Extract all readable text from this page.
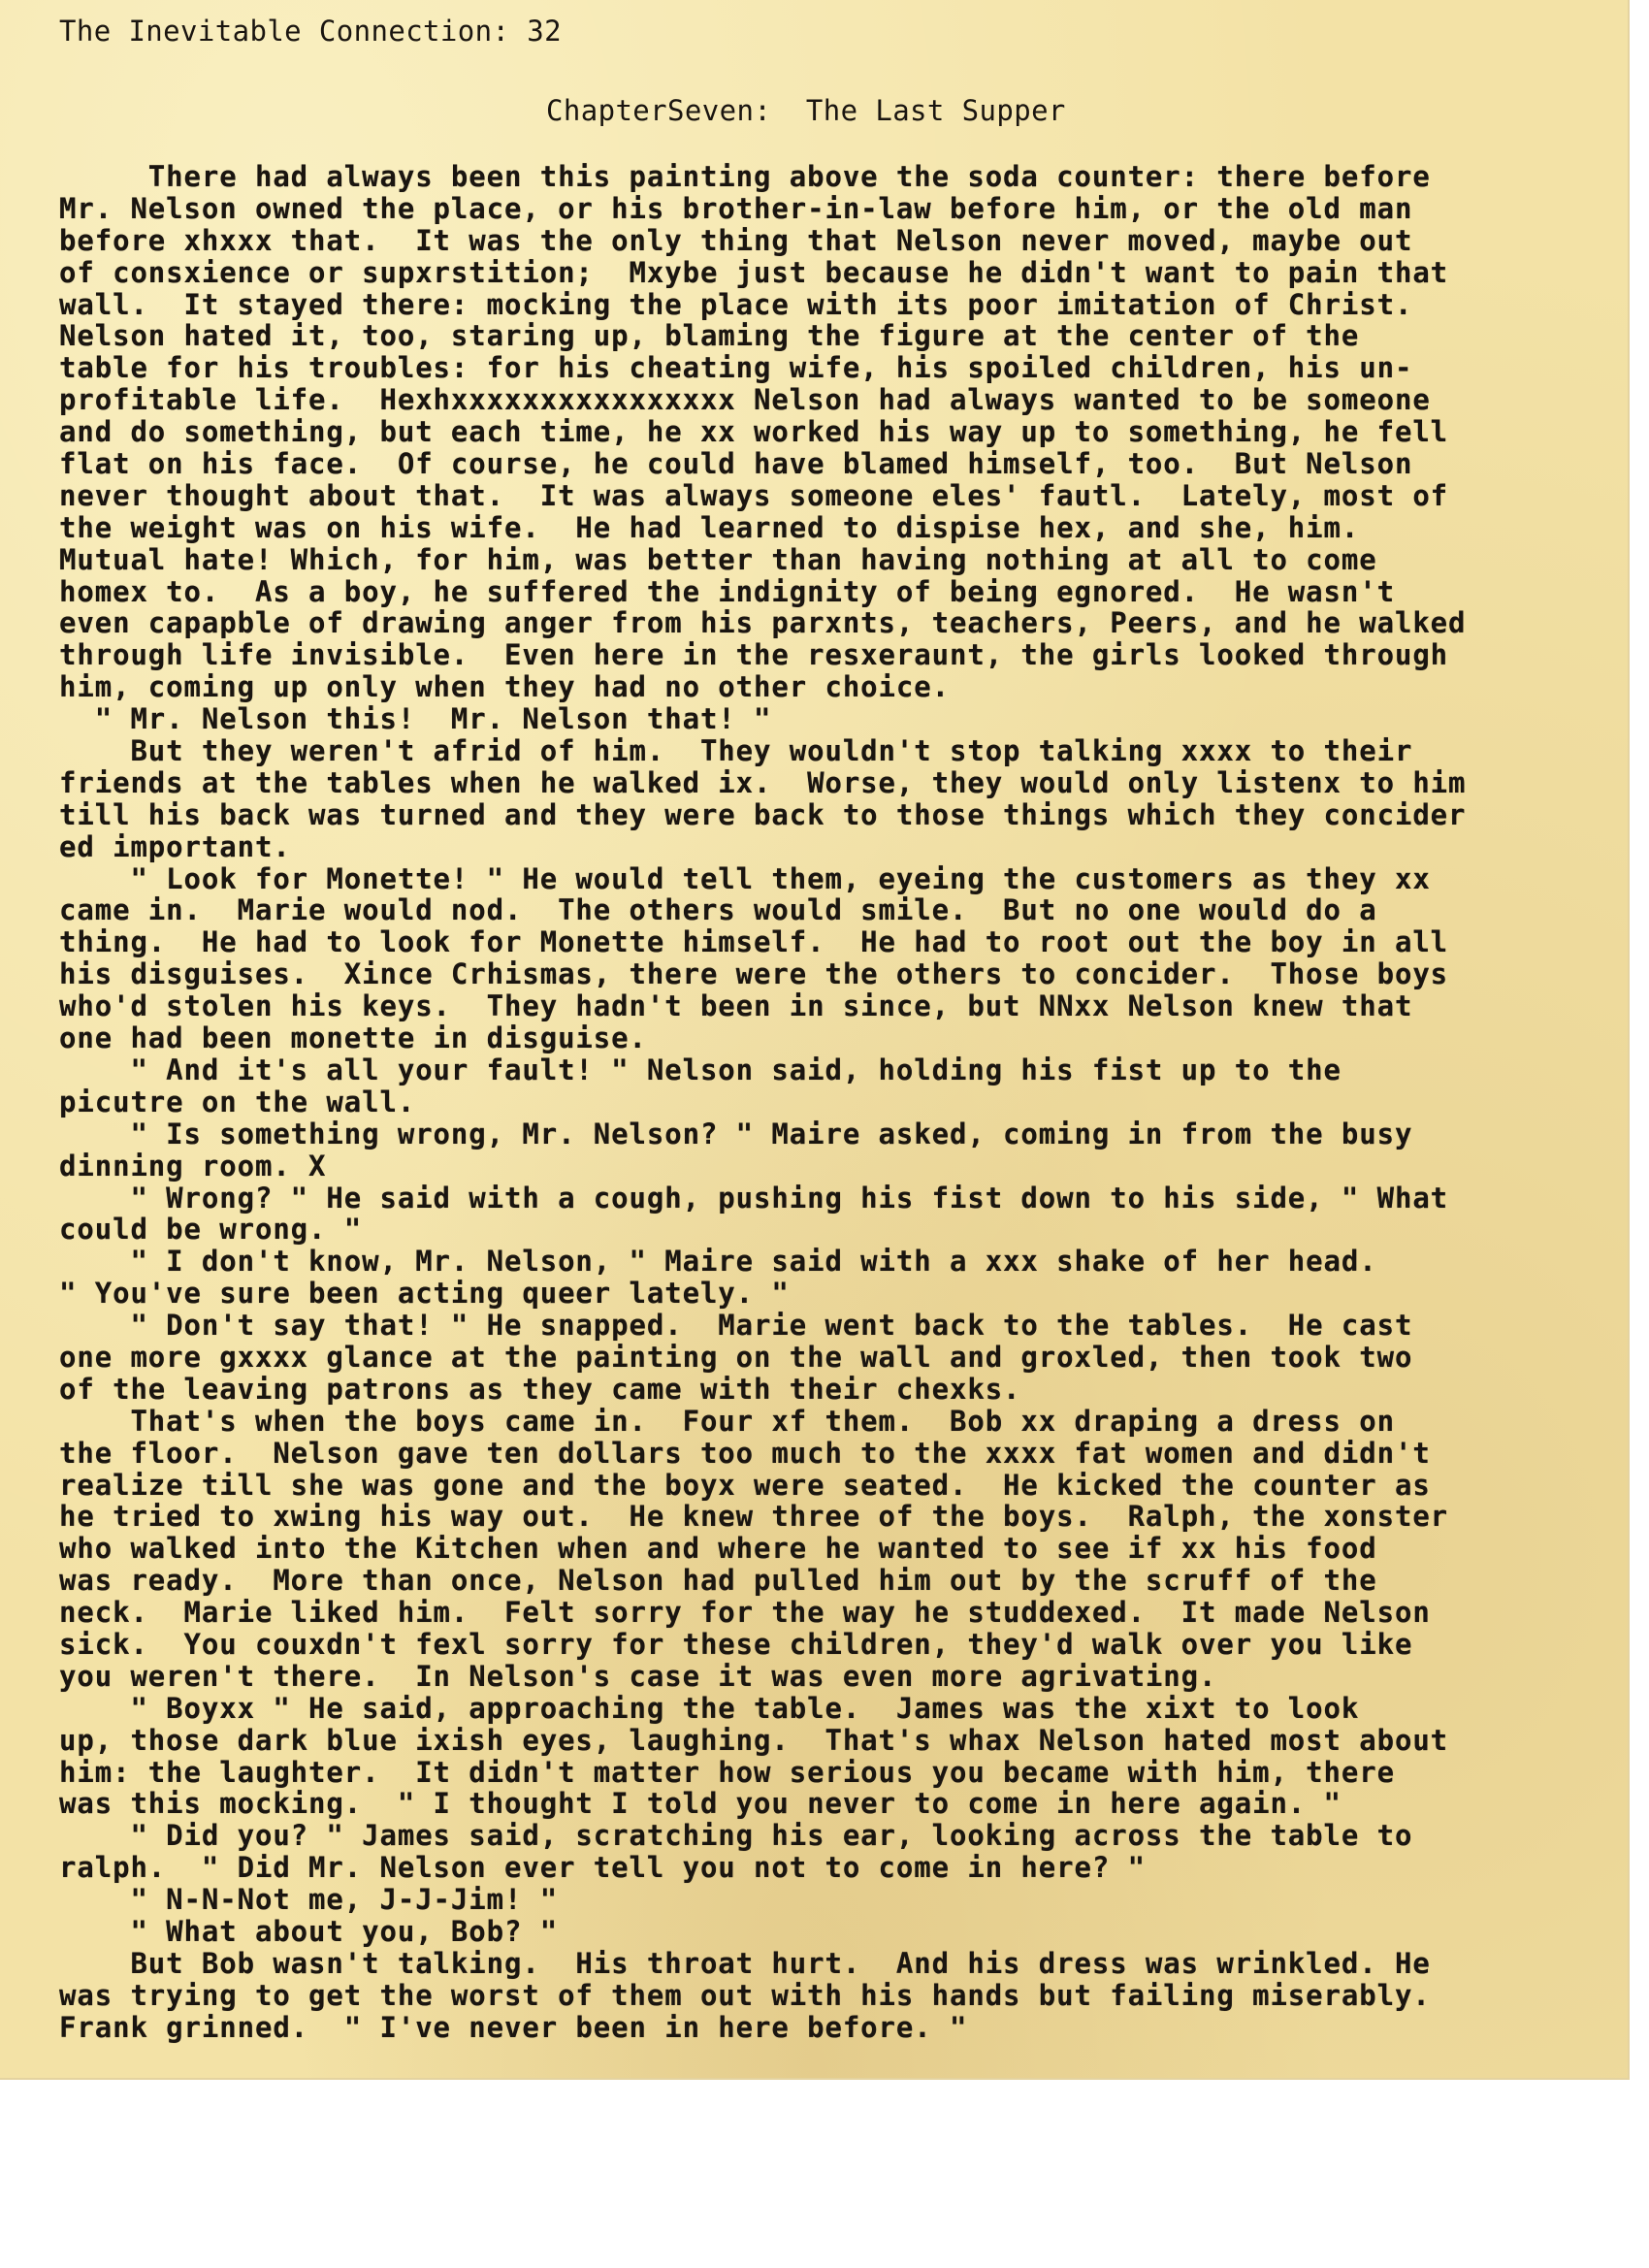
The Inevitable Connection: 32
ChapterSeven:  The Last Supper
There had always been this painting above the soda counter: there before
Mr. Nelson owned the place, or his brother-in-law before him, or the old man
before xhxxx that.  It was the only thing that Nelson never moved, maybe out
of consxience or supxrstition;  Mxybe just because he didn't want to pain that
wall.  It stayed there: mocking the place with its poor imitation of Christ.
Nelson hated it, too, staring up, blaming the figure at the center of the
table for his troubles: for his cheating wife, his spoiled children, his un-
profitable life.  Hexhxxxxxxxxxxxxxxxx Nelson had always wanted to be someone
and do something, but each time, he xx worked his way up to something, he fell
flat on his face.  Of course, he could have blamed himself, too.  But Nelson
never thought about that.  It was always someone eles' fautl.  Lately, most of
the weight was on his wife.  He had learned to dispise hex, and she, him.
Mutual hate! Which, for him, was better than having nothing at all to come
homex to.  As a boy, he suffered the indignity of being egnored.  He wasn't
even capapble of drawing anger from his parxnts, teachers, Peers, and he walked
through life invisible.  Even here in the resxeraunt, the girls looked through
him, coming up only when they had no other choice.
" Mr. Nelson this!  Mr. Nelson that! "
But they weren't afrid of him.  They wouldn't stop talking xxxx to their
friends at the tables when he walked ix.  Worse, they would only listenx to him
till his back was turned and they were back to those things which they concider
ed important.
" Look for Monette! " He would tell them, eyeing the customers as they xx
came in.  Marie would nod.  The others would smile.  But no one would do a
thing.  He had to look for Monette himself.  He had to root out the boy in all
his disguises.  Xince Crhismas, there were the others to concider.  Those boys
who'd stolen his keys.  They hadn't been in since, but NNxx Nelson knew that
one had been monette in disguise.
" And it's all your fault! " Nelson said, holding his fist up to the
picutre on the wall.
" Is something wrong, Mr. Nelson? " Maire asked, coming in from the busy
dinning room. X
" Wrong? " He said with a cough, pushing his fist down to his side, " What
could be wrong. "
" I don't know, Mr. Nelson, " Maire said with a xxx shake of her head.
" You've sure been acting queer lately. "
" Don't say that! " He snapped.  Marie went back to the tables.  He cast
one more gxxxx glance at the painting on the wall and groxled, then took two
of the leaving patrons as they came with their chexks.
That's when the boys came in.  Four xf them.  Bob xx draping a dress on
the floor.  Nelson gave ten dollars too much to the xxxx fat women and didn't
realize till she was gone and the boyx were seated.  He kicked the counter as
he tried to xwing his way out.  He knew three of the boys.  Ralph, the xonster
who walked into the Kitchen when and where he wanted to see if xx his food
was ready.  More than once, Nelson had pulled him out by the scruff of the
neck.  Marie liked him.  Felt sorry for the way he studdexed.  It made Nelson
sick.  You couxdn't fexl sorry for these children, they'd walk over you like
you weren't there.  In Nelson's case it was even more agrivating.
" Boyxx " He said, approaching the table.  James was the xixt to look
up, those dark blue ixish eyes, laughing.  That's whax Nelson hated most about
him: the laughter.  It didn't matter how serious you became with him, there
was this mocking.  " I thought I told you never to come in here again. "
" Did you? " James said, scratching his ear, looking across the table to
ralph.  " Did Mr. Nelson ever tell you not to come in here? "
" N-N-Not me, J-J-Jim! "
" What about you, Bob? "
But Bob wasn't talking.  His throat hurt.  And his dress was wrinkled. He
was trying to get the worst of them out with his hands but failing miserably.
Frank grinned.  " I've never been in here before. "
